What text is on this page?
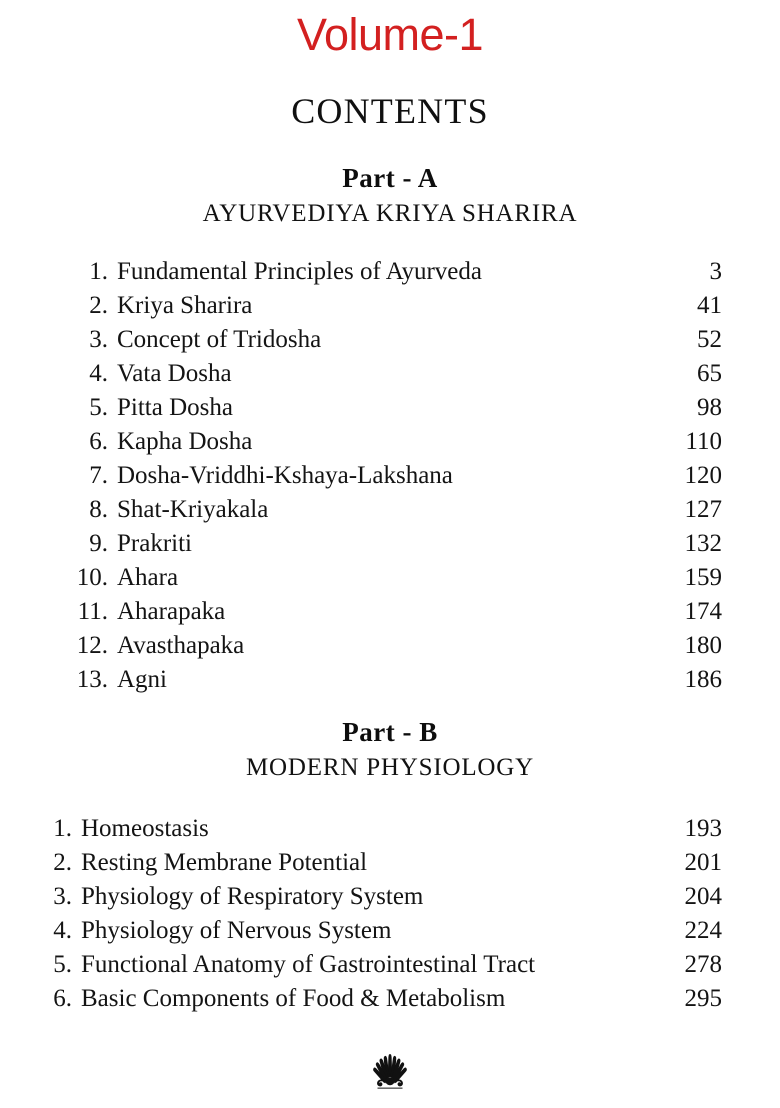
Volume-1
CONTENTS
Part - A
AYURVEDIYA KRIYA SHARIRA
1. Fundamental Principles of Ayurveda	3
2. Kriya Sharira	41
3. Concept of Tridosha	52
4. Vata Dosha	65
5. Pitta Dosha	98
6. Kapha Dosha	110
7. Dosha-Vriddhi-Kshaya-Lakshana	120
8. Shat-Kriyakala	127
9. Prakriti	132
10. Ahara	159
11. Aharapaka	174
12. Avasthapaka	180
13. Agni	186
Part - B
MODERN PHYSIOLOGY
1. Homeostasis	193
2. Resting Membrane Potential	201
3. Physiology of Respiratory System	204
4. Physiology of Nervous System	224
5. Functional Anatomy of Gastrointestinal Tract	278
6. Basic Components of Food & Metabolism	295
